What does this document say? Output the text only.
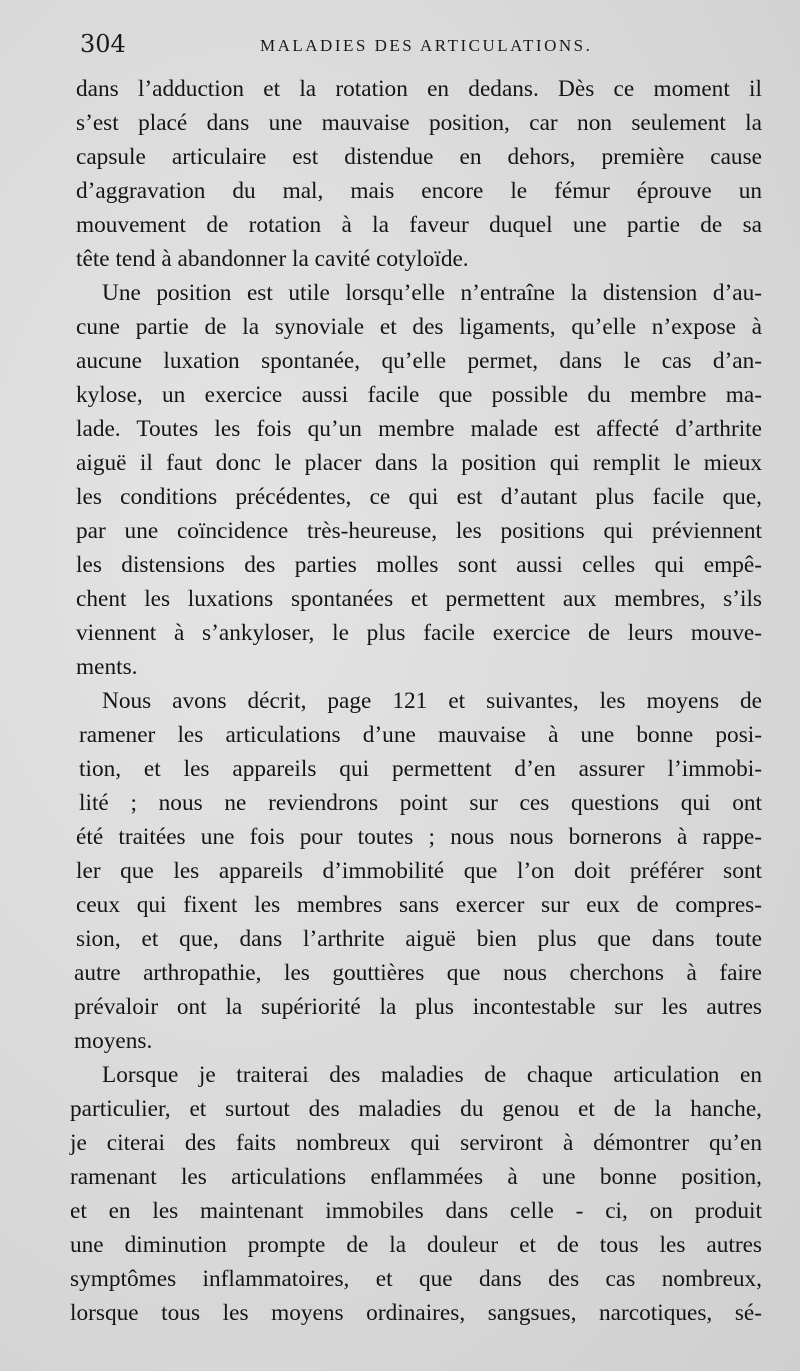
304	MALADIES DES ARTICULATIONS.
dans l’adduction et la rotation en dedans. Dès ce moment il
s’est placé dans une mauvaise position, car non seulement la
capsule articulaire est distendue en dehors, première cause
d’aggravation du mal, mais encore le fémur éprouve un
mouvement de rotation à la faveur duquel une partie de sa
tête tend à abandonner la cavité cotyloïde.
Une position est utile lorsqu’elle n’entraîne la distension d’au-
cune partie de la synoviale et des ligaments, qu’elle n’expose à
aucune luxation spontanée, qu’elle permet, dans le cas d’an-
kylose, un exercice aussi facile que possible du membre ma-
lade. Toutes les fois qu’un membre malade est affecté d’arthrite
aiguë il faut donc le placer dans la position qui remplit le mieux
les conditions précédentes, ce qui est d’autant plus facile que,
par une coïncidence très-heureuse, les positions qui préviennent
les distensions des parties molles sont aussi celles qui empê-
chent les luxations spontanées et permettent aux membres, s’ils
viennent à s’ankyloser, le plus facile exercice de leurs mouve-
ments.
Nous avons décrit, page 121 et suivantes, les moyens de
ramener les articulations d’une mauvaise à une bonne posi-
tion, et les appareils qui permettent d’en assurer l’immobi-
lité ; nous ne reviendrons point sur ces questions qui ont
été traitées une fois pour toutes ; nous nous bornerons à rappe-
ler que les appareils d’immobilité que l’on doit préférer sont
ceux qui fixent les membres sans exercer sur eux de compres-
sion, et que, dans l’arthrite aiguë bien plus que dans toute
autre arthropathie, les gouttières que nous cherchons à faire
prévaloir ont la supériorité la plus incontestable sur les autres
moyens.
Lorsque je traiterai des maladies de chaque articulation en
particulier, et surtout des maladies du genou et de la hanche,
je citerai des faits nombreux qui serviront à démontrer qu’en
ramenant les articulations enflammées à une bonne position,
et en les maintenant immobiles dans celle - ci, on produit
une diminution prompte de la douleur et de tous les autres
symptômes inflammatoires, et que dans des cas nombreux,
lorsque tous les moyens ordinaires, sangsues, narcotiques, sé-
